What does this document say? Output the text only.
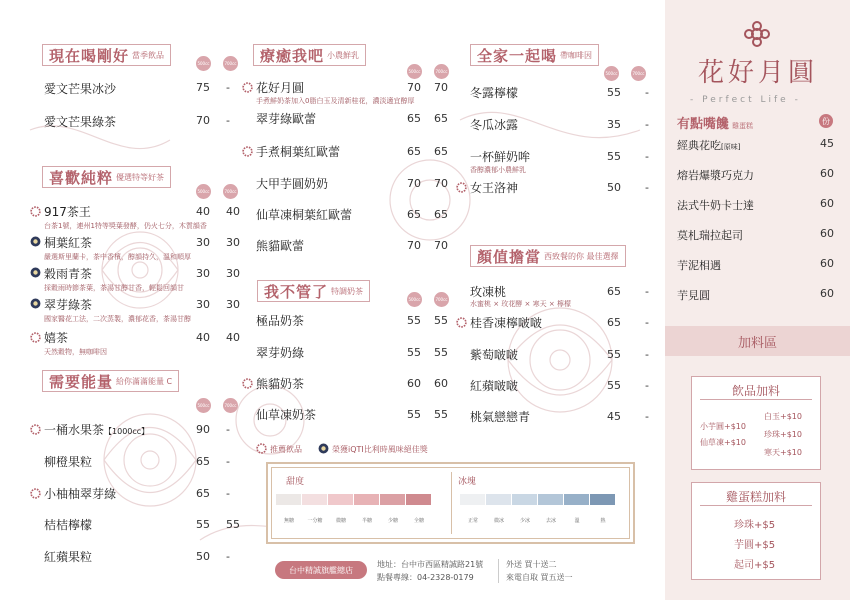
現在喝剛好 當季飲品
500cc	700cc
愛文芒果冰沙	75 -
愛文芒果綠茶	70 -
喜歡純粹 優選特等好茶
500cc	700cc
917茶王	40 40
台茶1號，連州1特等獎葉發酵，仍火七分，木質韻香
桐葉紅茶	30 30
嚴選斯里蘭卡，茶中香檳，醇韻持久，溫和順厚
穀雨青茶	30 30
採穀雨時節茶葉，茶湯甘醇甘香，輕鬆回韻甘
翠芽綠茶	30 30
國家醫花工法，二次蒸製，濃郁花香，茶湯甘醇
嬉茶	40 40
天然穀物，無咖啡因
需要能量 給你滿滿能量 C
500cc	700cc
一桶水果茶【1000cc】	90 -
柳橙果粒	65 -
小柚柚翠芽綠	65 -
桔桔檸檬	55 55
紅蘋果粒	50 -
療癒我吧 小農鮮乳
500cc	700cc
花好月圓	70 70
手煮鮮奶茶加入0脂白玉及清新桂花，濃淡適宜醇厚
翠芽綠歐蕾	65 65
手煮桐葉紅歐蕾	65 65
大甲芋圓奶奶	70 70
仙草凍桐葉紅歐蕾	65 65
熊貓歐蕾	70 70
我不管了 特調奶茶
500cc	700cc
極品奶茶	55 55
翠芽奶綠	55 55
熊貓奶茶	60 60
仙草凍奶茶	55 55
全家一起喝 帶咖啡因
500cc	700cc
冬露檸檬	55 -
冬瓜冰露	35 -
一杯鮮奶哞	55 -
香醇濃郁小農鮮乳
女王洛神	50 -
顏值擔當 西致餐的你 最佳選擇
玫凍桃	65 -
水蜜桃 × 玫花酵 × 寒天 × 檸檬
桂香凍檸啵啵	65 -
紫萄啵啵	55 -
紅蘋啵啵	55 -
桃氣戀戀青	45 -
推薦飲品	榮獲iQTI比利時風味絕佳獎
甜度	冰塊
無糖	一分糖	微糖	半糖	少糖	全糖	正常	微冰	少冰	去冰	溫	熱
台中精誠旗艦總店
地址：台中市西區精誠路21號
點餐專線：04-2328-0179
外送 買十送二
來電自取 買五送一
花好月圓
- Perfect Life -
有點嘴饞 雞蛋糕
份
經典花吃[原味]	45
熔岩爆漿巧克力	60
法式牛奶卡士達	60
莫札瑞拉起司	60
芋泥相遇	60
芋見圓	60
加料區
飲品加料
小芋圓+$10
仙草凍+$10
白玉+$10
珍珠+$10
寒天+$10
雞蛋糕加料
珍珠+$5
芋圓+$5
起司+$5
